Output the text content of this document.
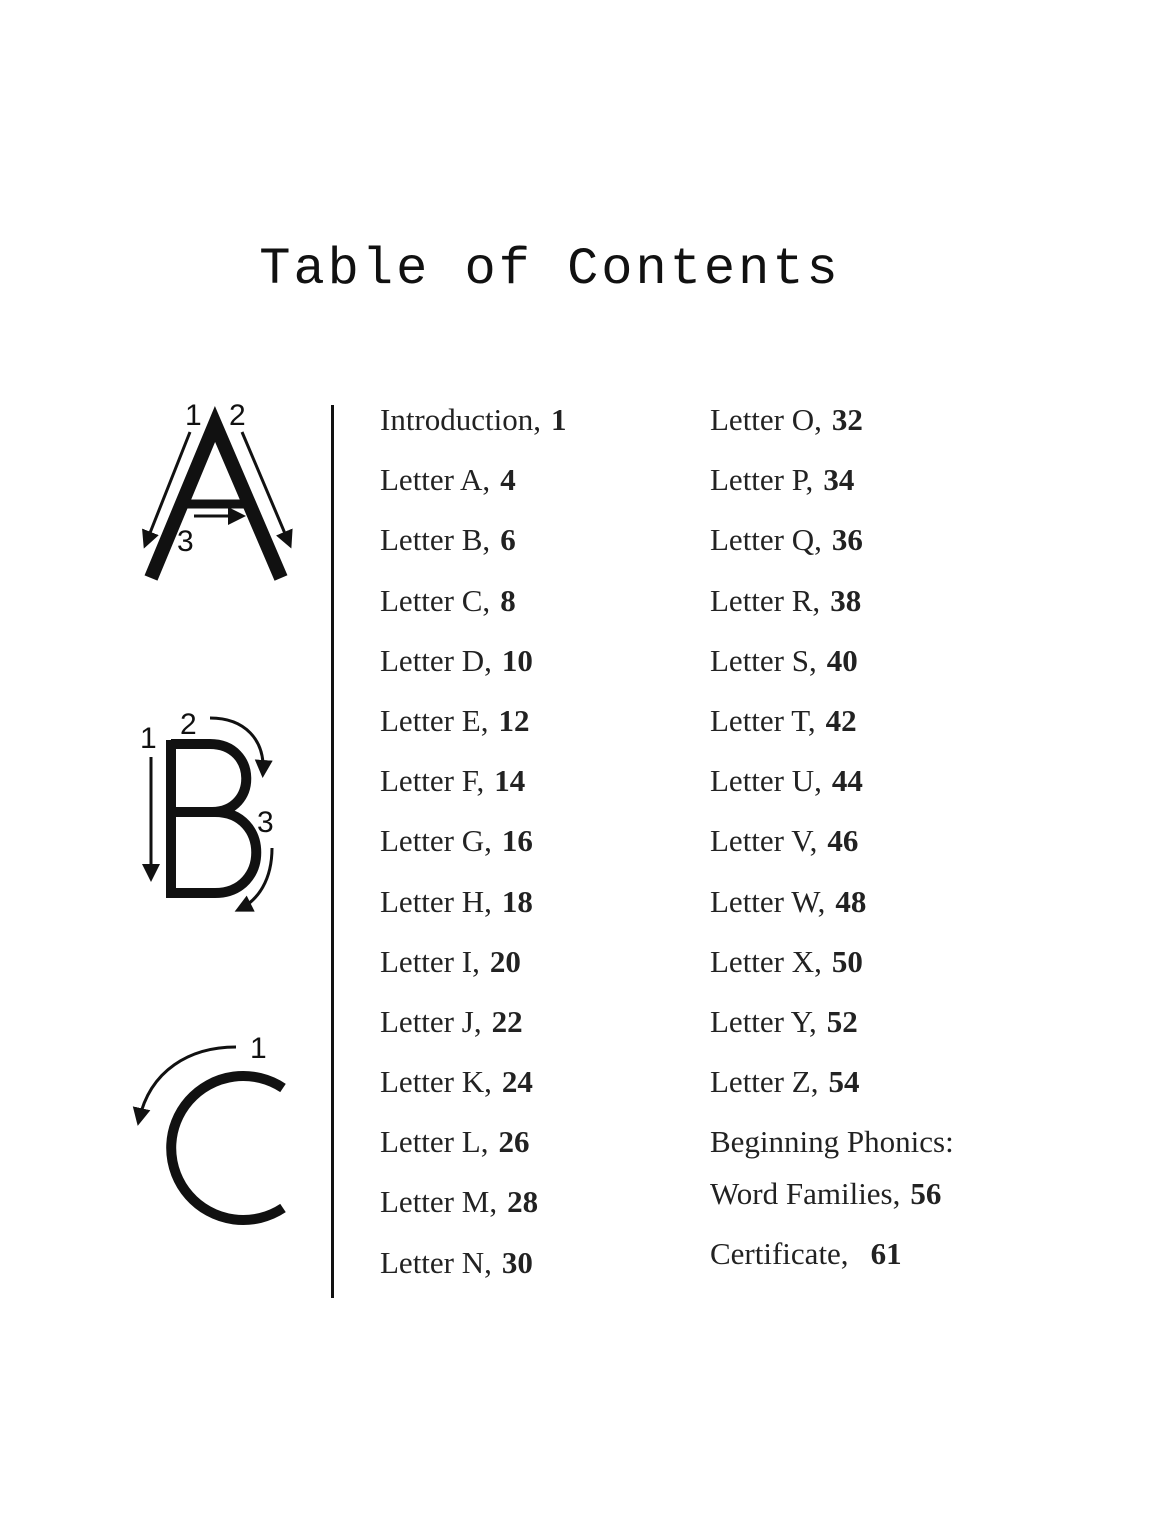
Table of Contents
1 2
3
1 2
3
1
Introduction, 1
Letter A, 4
Letter B, 6
Letter C, 8
Letter D, 10
Letter E, 12
Letter F, 14
Letter G, 16
Letter H, 18
Letter I, 20
Letter J, 22
Letter K, 24
Letter L, 26
Letter M, 28
Letter N, 30
Letter O, 32
Letter P, 34
Letter Q, 36
Letter R, 38
Letter S, 40
Letter T, 42
Letter U, 44
Letter V, 46
Letter W, 48
Letter X, 50
Letter Y, 52
Letter Z, 54
Beginning Phonics:
Word Families, 56
Certificate, 61
